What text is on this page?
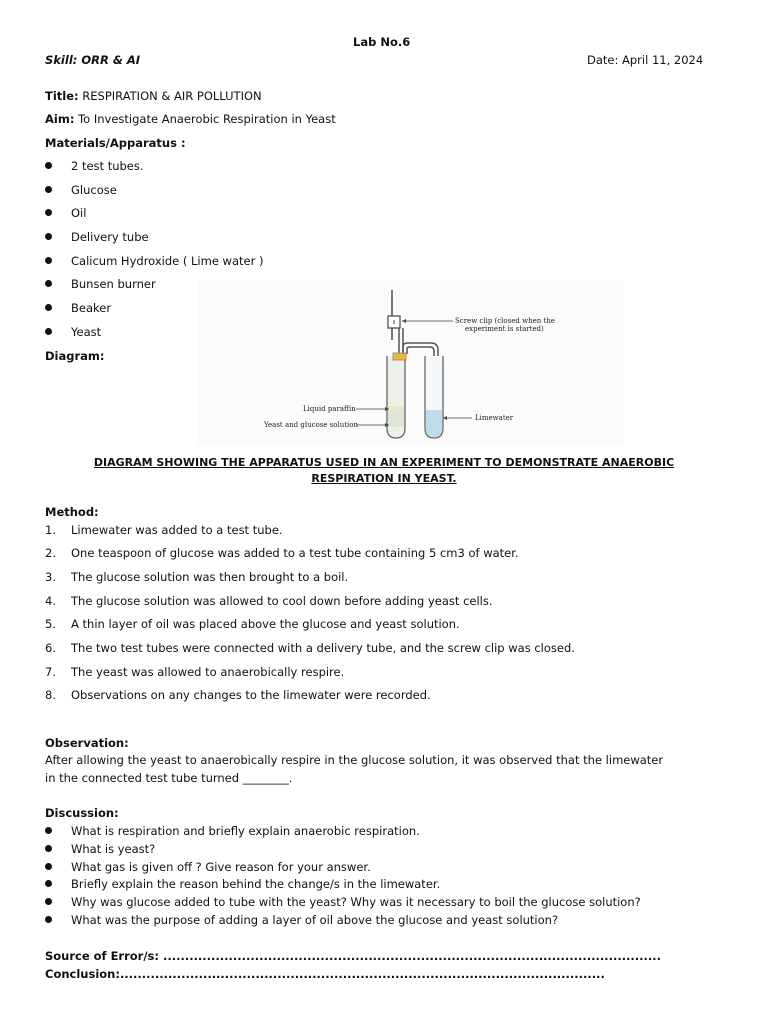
Lab No.6
Skill: ORR & AI	Date: April 11, 2024
Title: RESPIRATION & AIR POLLUTION
Aim: To Investigate Anaerobic Respiration in Yeast
Materials/Apparatus :
2 test tubes.
Glucose
Oil
Delivery tube
Calicum Hydroxide ( Lime water )
Bunsen burner
Beaker
Yeast
Diagram:
Screw clip (closed when the
experiment is started)
Liquid paraffin
Yeast and glucose solution
Limewater
DIAGRAM SHOWING THE APPARATUS USED IN AN EXPERIMENT TO DEMONSTRATE ANAEROBIC
RESPIRATION IN YEAST.
Method:
1. Limewater was added to a test tube.
2. One teaspoon of glucose was added to a test tube containing 5 cm3 of water.
3. The glucose solution was then brought to a boil.
4. The glucose solution was allowed to cool down before adding yeast cells.
5. A thin layer of oil was placed above the glucose and yeast solution.
6. The two test tubes were connected with a delivery tube, and the screw clip was closed.
7. The yeast was allowed to anaerobically respire.
8. Observations on any changes to the limewater were recorded.
Observation:
After allowing the yeast to anaerobically respire in the glucose solution, it was observed that the limewater
in the connected test tube turned ________.
Discussion:
What is respiration and briefly explain anaerobic respiration.
What is yeast?
What gas is given off ? Give reason for your answer.
Briefly explain the reason behind the change/s in the limewater.
Why was glucose added to tube with the yeast? Why was it necessary to boil the glucose solution?
What was the purpose of adding a layer of oil above the glucose and yeast solution?
Source of Error/s: ..................................................................................................................
Conclusion:...............................................................................................................
